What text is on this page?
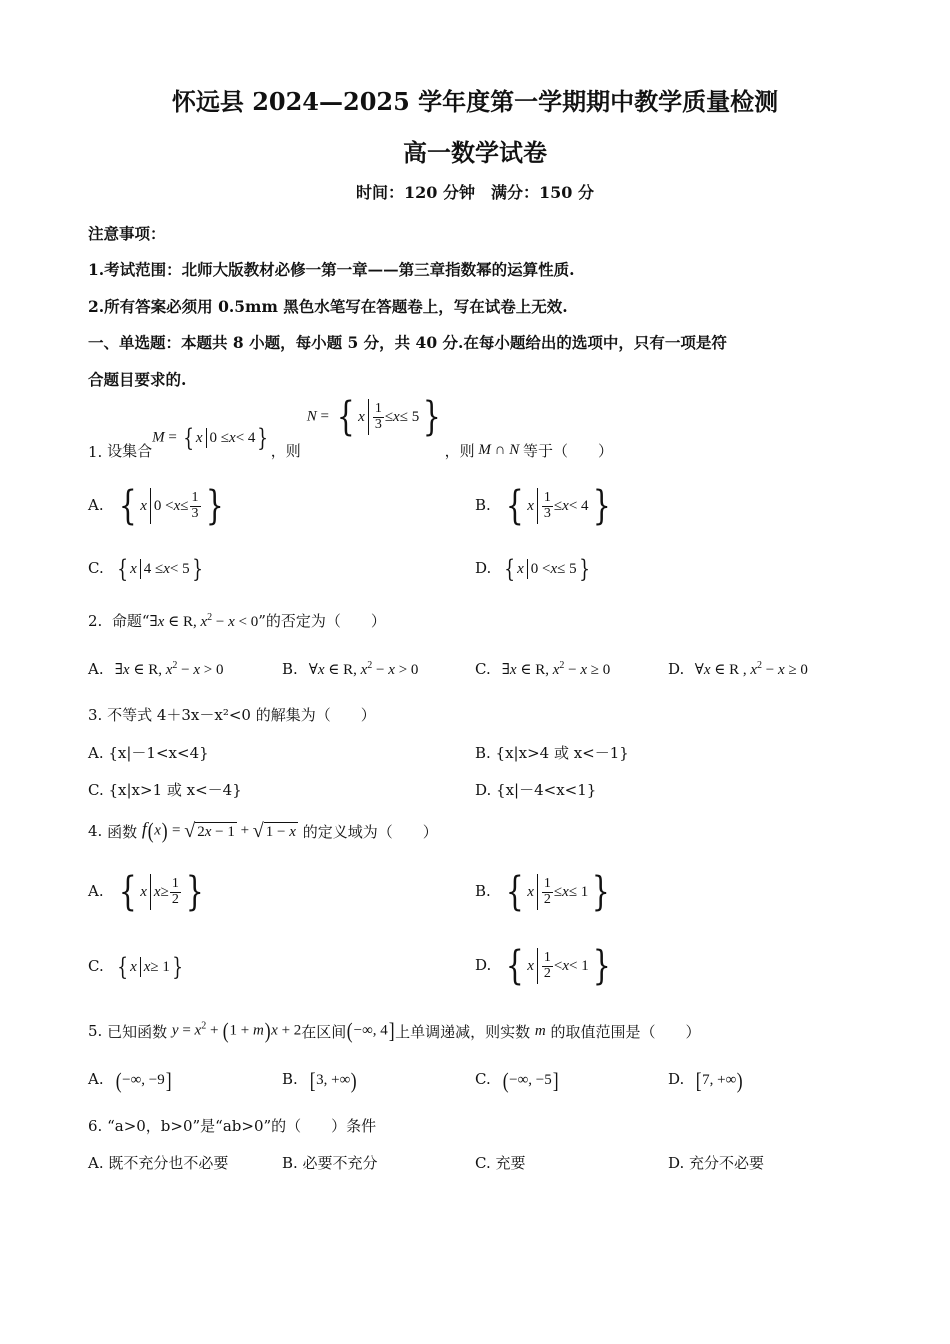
怀远县 2024—2025 学年度第一学期期中教学质量检测
高一数学试卷
时间：120 分钟　满分：150 分
注意事项：
1.考试范围：北师大版教材必修一第一章——第三章指数幂的运算性质.
2.所有答案必须用 0.5mm 黑色水笔写在答题卷上，写在试卷上无效.
一、单选题：本题共 8 小题，每小题 5 分，共 40 分.在每小题给出的选项中，只有一项是符
合题目要求的.
1.
设集合
M = { x 0 ≤ x < 4 } ，则
N = { x $\frac{1}{3} \le x \le 5$ }
，则 M ∩ N 等于（　　）
A. { x $0 < x \le \frac{1}{3}$ }	B. { x $\frac{1}{3} \le x < 4$ }
C. { x 4 ≤ x < 5 }	D. { x 0 < x ≤ 5 }
2. 命题“∃x ∈ R, $x^2 - x < 0$”的否定为（　　）
A. ∃x ∈ R, $x^2 - x > 0$	B. ∀x ∈ R, $x^2 - x > 0$	C. ∃x ∈ R, $x^2 - x \ge 0$	D. ∀x ∈ R , $x^2 - x \ge 0$
3. 不等式 4＋3x－x²<0 的解集为（　　）
A. {x|－1<x<4}	B. {x|x>4 或 x<－1}
C. {x|x>1 或 x<－4}	D. {x|－4<x<1}
4.
函数
f(x) = √ 2x − 1 + √ 1 − x
的定义域为（　　）
A. { x $x \ge \frac{1}{2}$ }	B. { x $\frac{1}{2} \le x \le 1$ }
C. { x x ≥ 1 }	D. { x $\frac{1}{2} < x < 1$ }
5.
已知函数
$y = x^2 + (1 + m)x + 2$ 在区间 (−∞, 4] 上单调递减，则实数
m
的取值范围是（　　）
A. (−∞, −9]	B. [3, +∞)	C. (−∞, −5]	D. [7, +∞)
6. “a>0，b>0”是“ab>0”的（　　）条件
A. 既不充分也不必要	B. 必要不充分	C. 充要	D. 充分不必要
